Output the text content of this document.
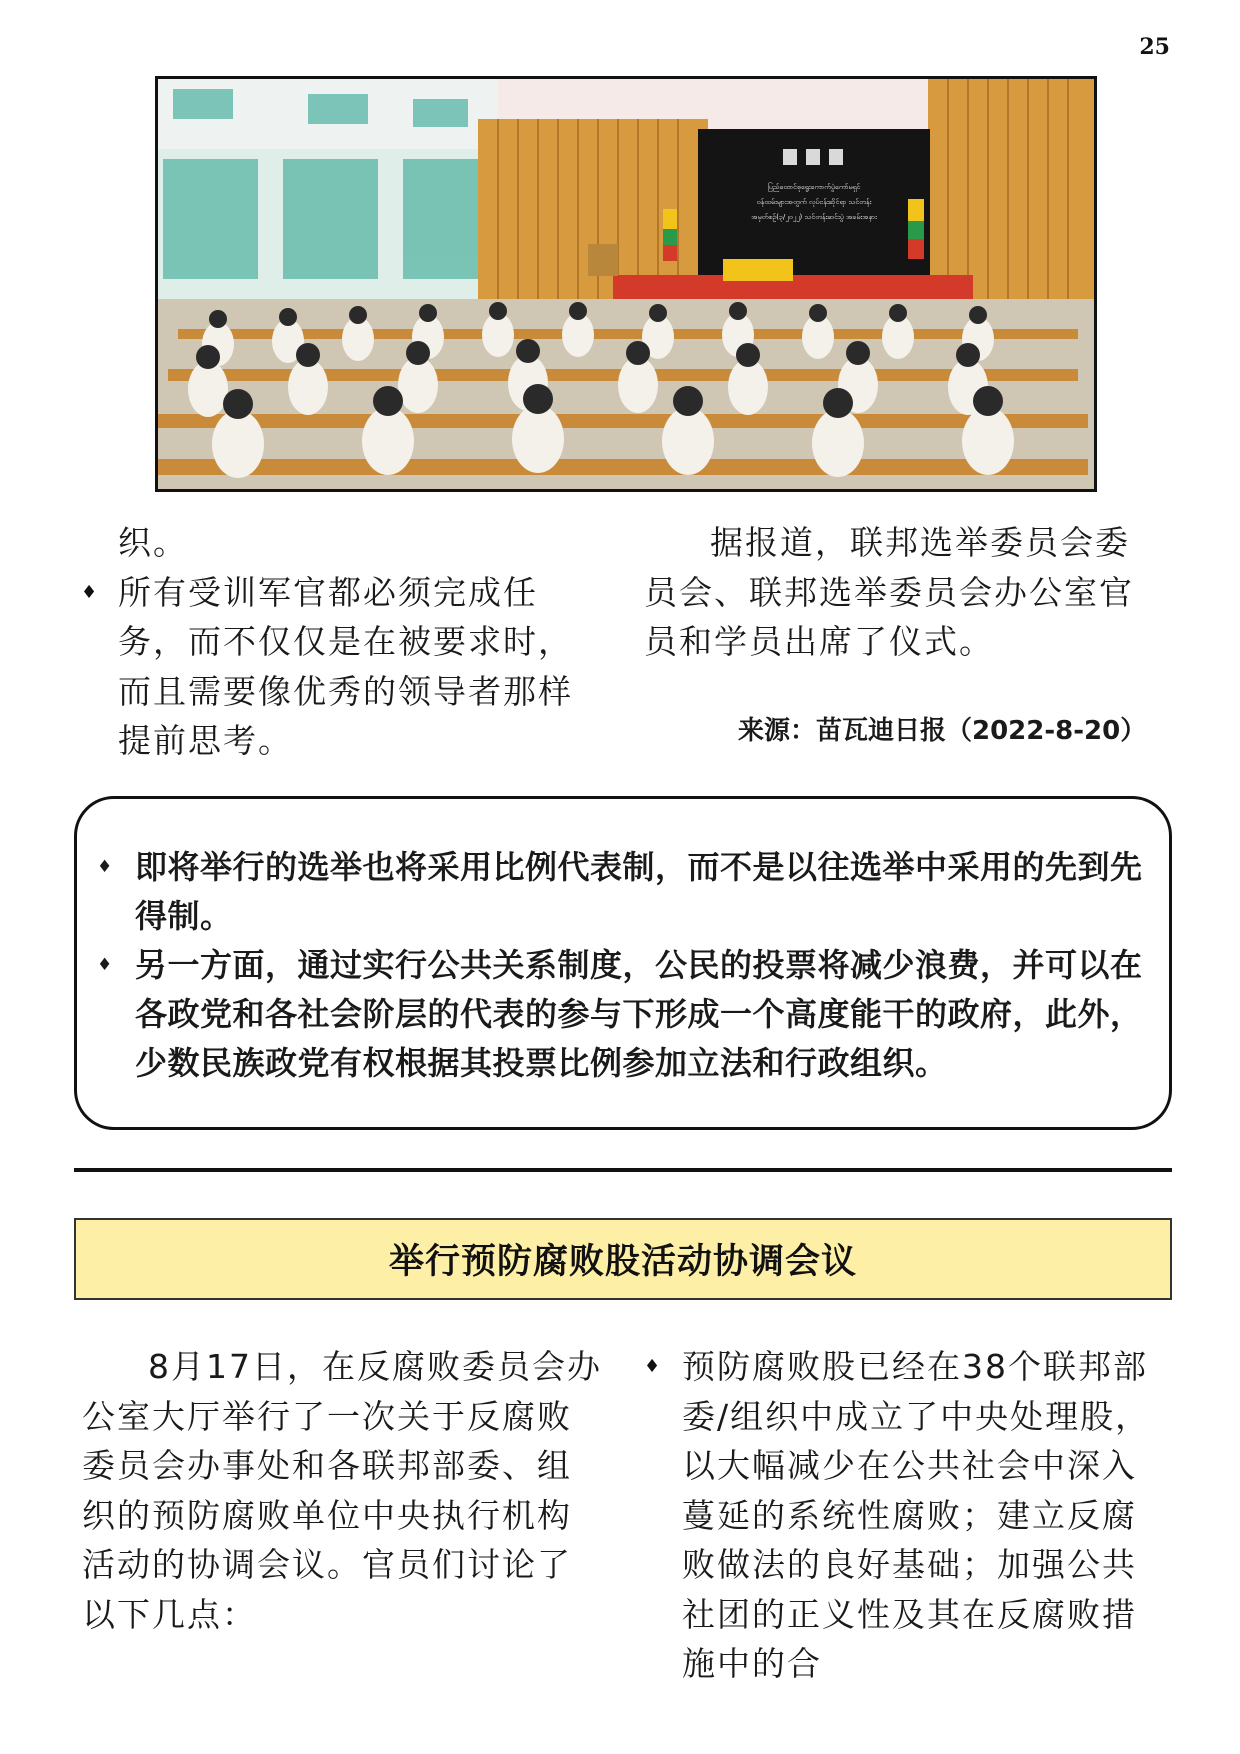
25
ပြည်ထောင်စုရွေးကောက်ပွဲကော်မရှင်
ဝန်ထမ်းများအတွက် လုပ်ငန်းဆိုင်ရာ သင်တန်း
အမှတ်စဉ်(၃/၂၀၂၂) သင်တန်းဆင်းပွဲ အခမ်းအနား

织。

♦ 所有受训军官都必须完成任务，而不仅仅是在被要求时，而且需要像优秀的领导者那样提前思考。

据报道，联邦选举委员会委员会、联邦选举委员会办公室官员和学员出席了仪式。

来源：苗瓦迪日报（2022-8-20）
♦ 即将举行的选举也将采用比例代表制，而不是以往选举中采用的先到先得制。
♦ 另一方面，通过实行公共关系制度，公民的投票将减少浪费，并可以在各政党和各社会阶层的代表的参与下形成一个高度能干的政府，此外，少数民族政党有权根据其投票比例参加立法和行政组织。
举行预防腐败股活动协调会议

8月17日，在反腐败委员会办公室大厅举行了一次关于反腐败委员会办事处和各联邦部委、组织的预防腐败单位中央执行机构活动的协调会议。官员们讨论了以下几点：

♦ 预防腐败股已经在38个联邦部委/组织中成立了中央处理股，以大幅减少在公共社会中深入蔓延的系统性腐败；建立反腐败做法的良好基础；加强公共社团的正义性及其在反腐败措施中的合
